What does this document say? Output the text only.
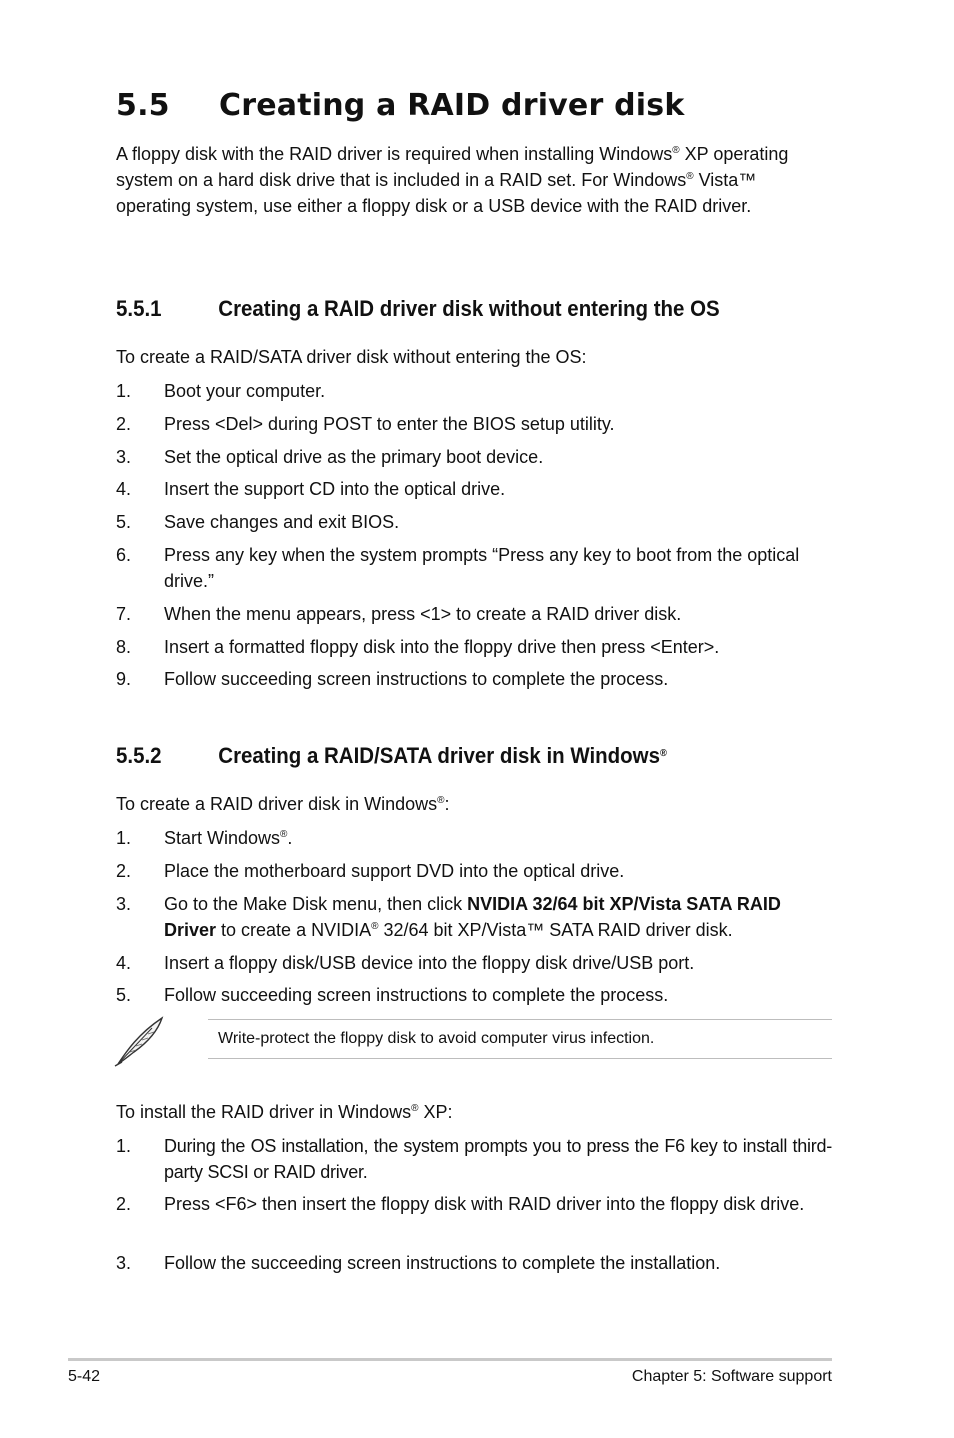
5.5 Creating a RAID driver disk

A floppy disk with the RAID driver is required when installing Windows® XP operating system on a hard disk drive that is included in a RAID set. For Windows® Vista™ operating system, use either a floppy disk or a USB device with the RAID driver.

5.5.1	Creating a RAID driver disk without entering the OS
To create a RAID/SATA driver disk without entering the OS:
1. Boot your computer.
2. Press <Del> during POST to enter the BIOS setup utility.
3. Set the optical drive as the primary boot device.
4. Insert the support CD into the optical drive.
5. Save changes and exit BIOS.
6. Press any key when the system prompts “Press any key to boot from the optical drive.”
7. When the menu appears, press <1> to create a RAID driver disk.
8. Insert a formatted floppy disk into the floppy drive then press <Enter>.
9. Follow succeeding screen instructions to complete the process.
5.5.2	Creating a RAID/SATA driver disk in Windows®
To create a RAID driver disk in Windows®:
1. Start Windows®.
2. Place the motherboard support DVD into the optical drive.
3. Go to the Make Disk menu, then click NVIDIA 32/64 bit XP/Vista SATA RAID Driver to create a NVIDIA® 32/64 bit XP/Vista™ SATA RAID driver disk.
4. Insert a floppy disk/USB device into the floppy disk drive/USB port.
5. Follow succeeding screen instructions to complete the process.
Write-protect the floppy disk to avoid computer virus infection.
To install the RAID driver in Windows® XP:
1. During the OS installation, the system prompts you to press the F6 key to install third-party SCSI or RAID driver.
2. Press <F6> then insert the floppy disk with RAID driver into the floppy disk drive.
3. Follow the succeeding screen instructions to complete the installation.
5-42	Chapter 5: Software support
